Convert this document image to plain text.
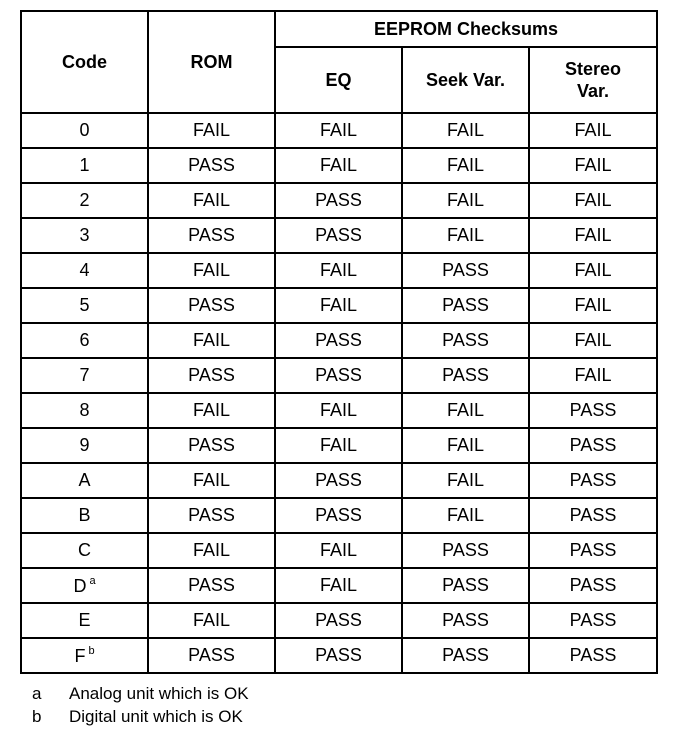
Code	ROM	EEPROM Checksums		
		EQ	Seek Var.	Stereo
Var.
0	FAIL	FAIL	FAIL	FAIL
1	PASS	FAIL	FAIL	FAIL
2	FAIL	PASS	FAIL	FAIL
3	PASS	PASS	FAIL	FAIL
4	FAIL	FAIL	PASS	FAIL
5	PASS	FAIL	PASS	FAIL
6	FAIL	PASS	PASS	FAIL
7	PASS	PASS	PASS	FAIL
8	FAIL	FAIL	FAIL	PASS
9	PASS	FAIL	FAIL	PASS
A	FAIL	PASS	FAIL	PASS
B	PASS	PASS	FAIL	PASS
C	FAIL	FAIL	PASS	PASS
D $^a$	PASS	FAIL	PASS	PASS
E	FAIL	PASS	PASS	PASS
F $^b$	PASS	PASS	PASS	PASS
a	Analog unit which is OK
b	Digital unit which is OK
